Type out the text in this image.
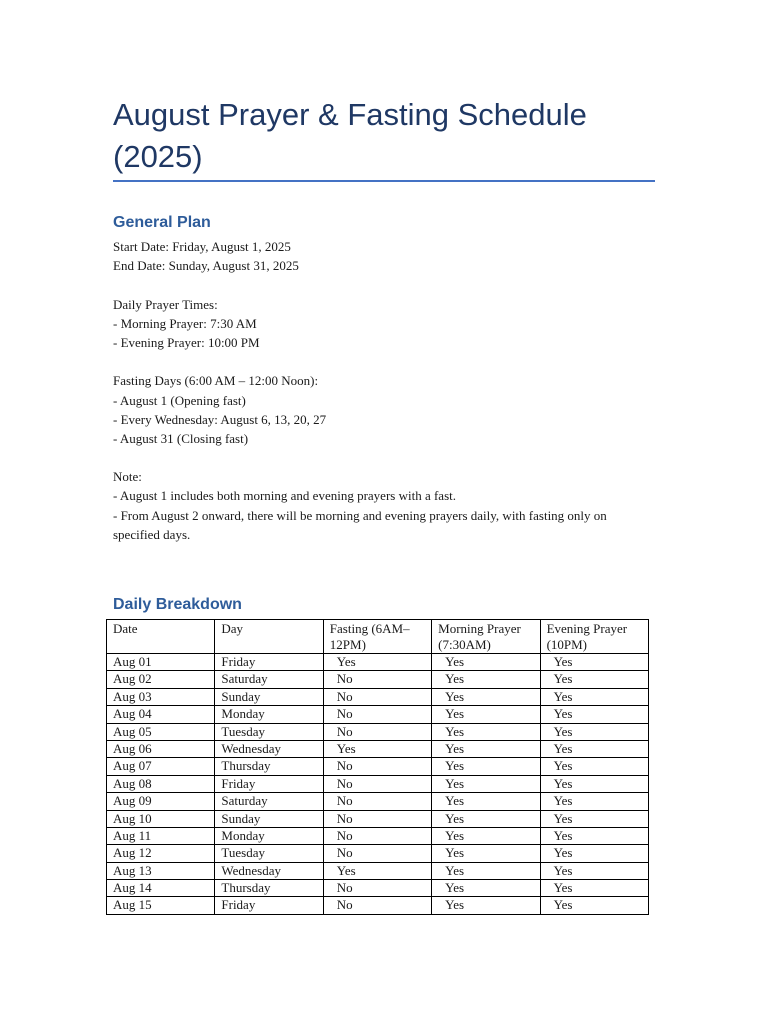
August Prayer & Fasting Schedule (2025)
General Plan
Start Date: Friday, August 1, 2025
End Date: Sunday, August 31, 2025
Daily Prayer Times:
- Morning Prayer: 7:30 AM
- Evening Prayer: 10:00 PM
Fasting Days (6:00 AM – 12:00 Noon):
- August 1 (Opening fast)
- Every Wednesday: August 6, 13, 20, 27
- August 31 (Closing fast)
Note:
- August 1 includes both morning and evening prayers with a fast.
- From August 2 onward, there will be morning and evening prayers daily, with fasting only on specified days.
Daily Breakdown
Date	Day	Fasting (6AM–12PM)	Morning Prayer (7:30AM)	Evening Prayer (10PM)
Aug 01	Friday	Yes	Yes	Yes
Aug 02	Saturday	No	Yes	Yes
Aug 03	Sunday	No	Yes	Yes
Aug 04	Monday	No	Yes	Yes
Aug 05	Tuesday	No	Yes	Yes
Aug 06	Wednesday	Yes	Yes	Yes
Aug 07	Thursday	No	Yes	Yes
Aug 08	Friday	No	Yes	Yes
Aug 09	Saturday	No	Yes	Yes
Aug 10	Sunday	No	Yes	Yes
Aug 11	Monday	No	Yes	Yes
Aug 12	Tuesday	No	Yes	Yes
Aug 13	Wednesday	Yes	Yes	Yes
Aug 14	Thursday	No	Yes	Yes
Aug 15	Friday	No	Yes	Yes
